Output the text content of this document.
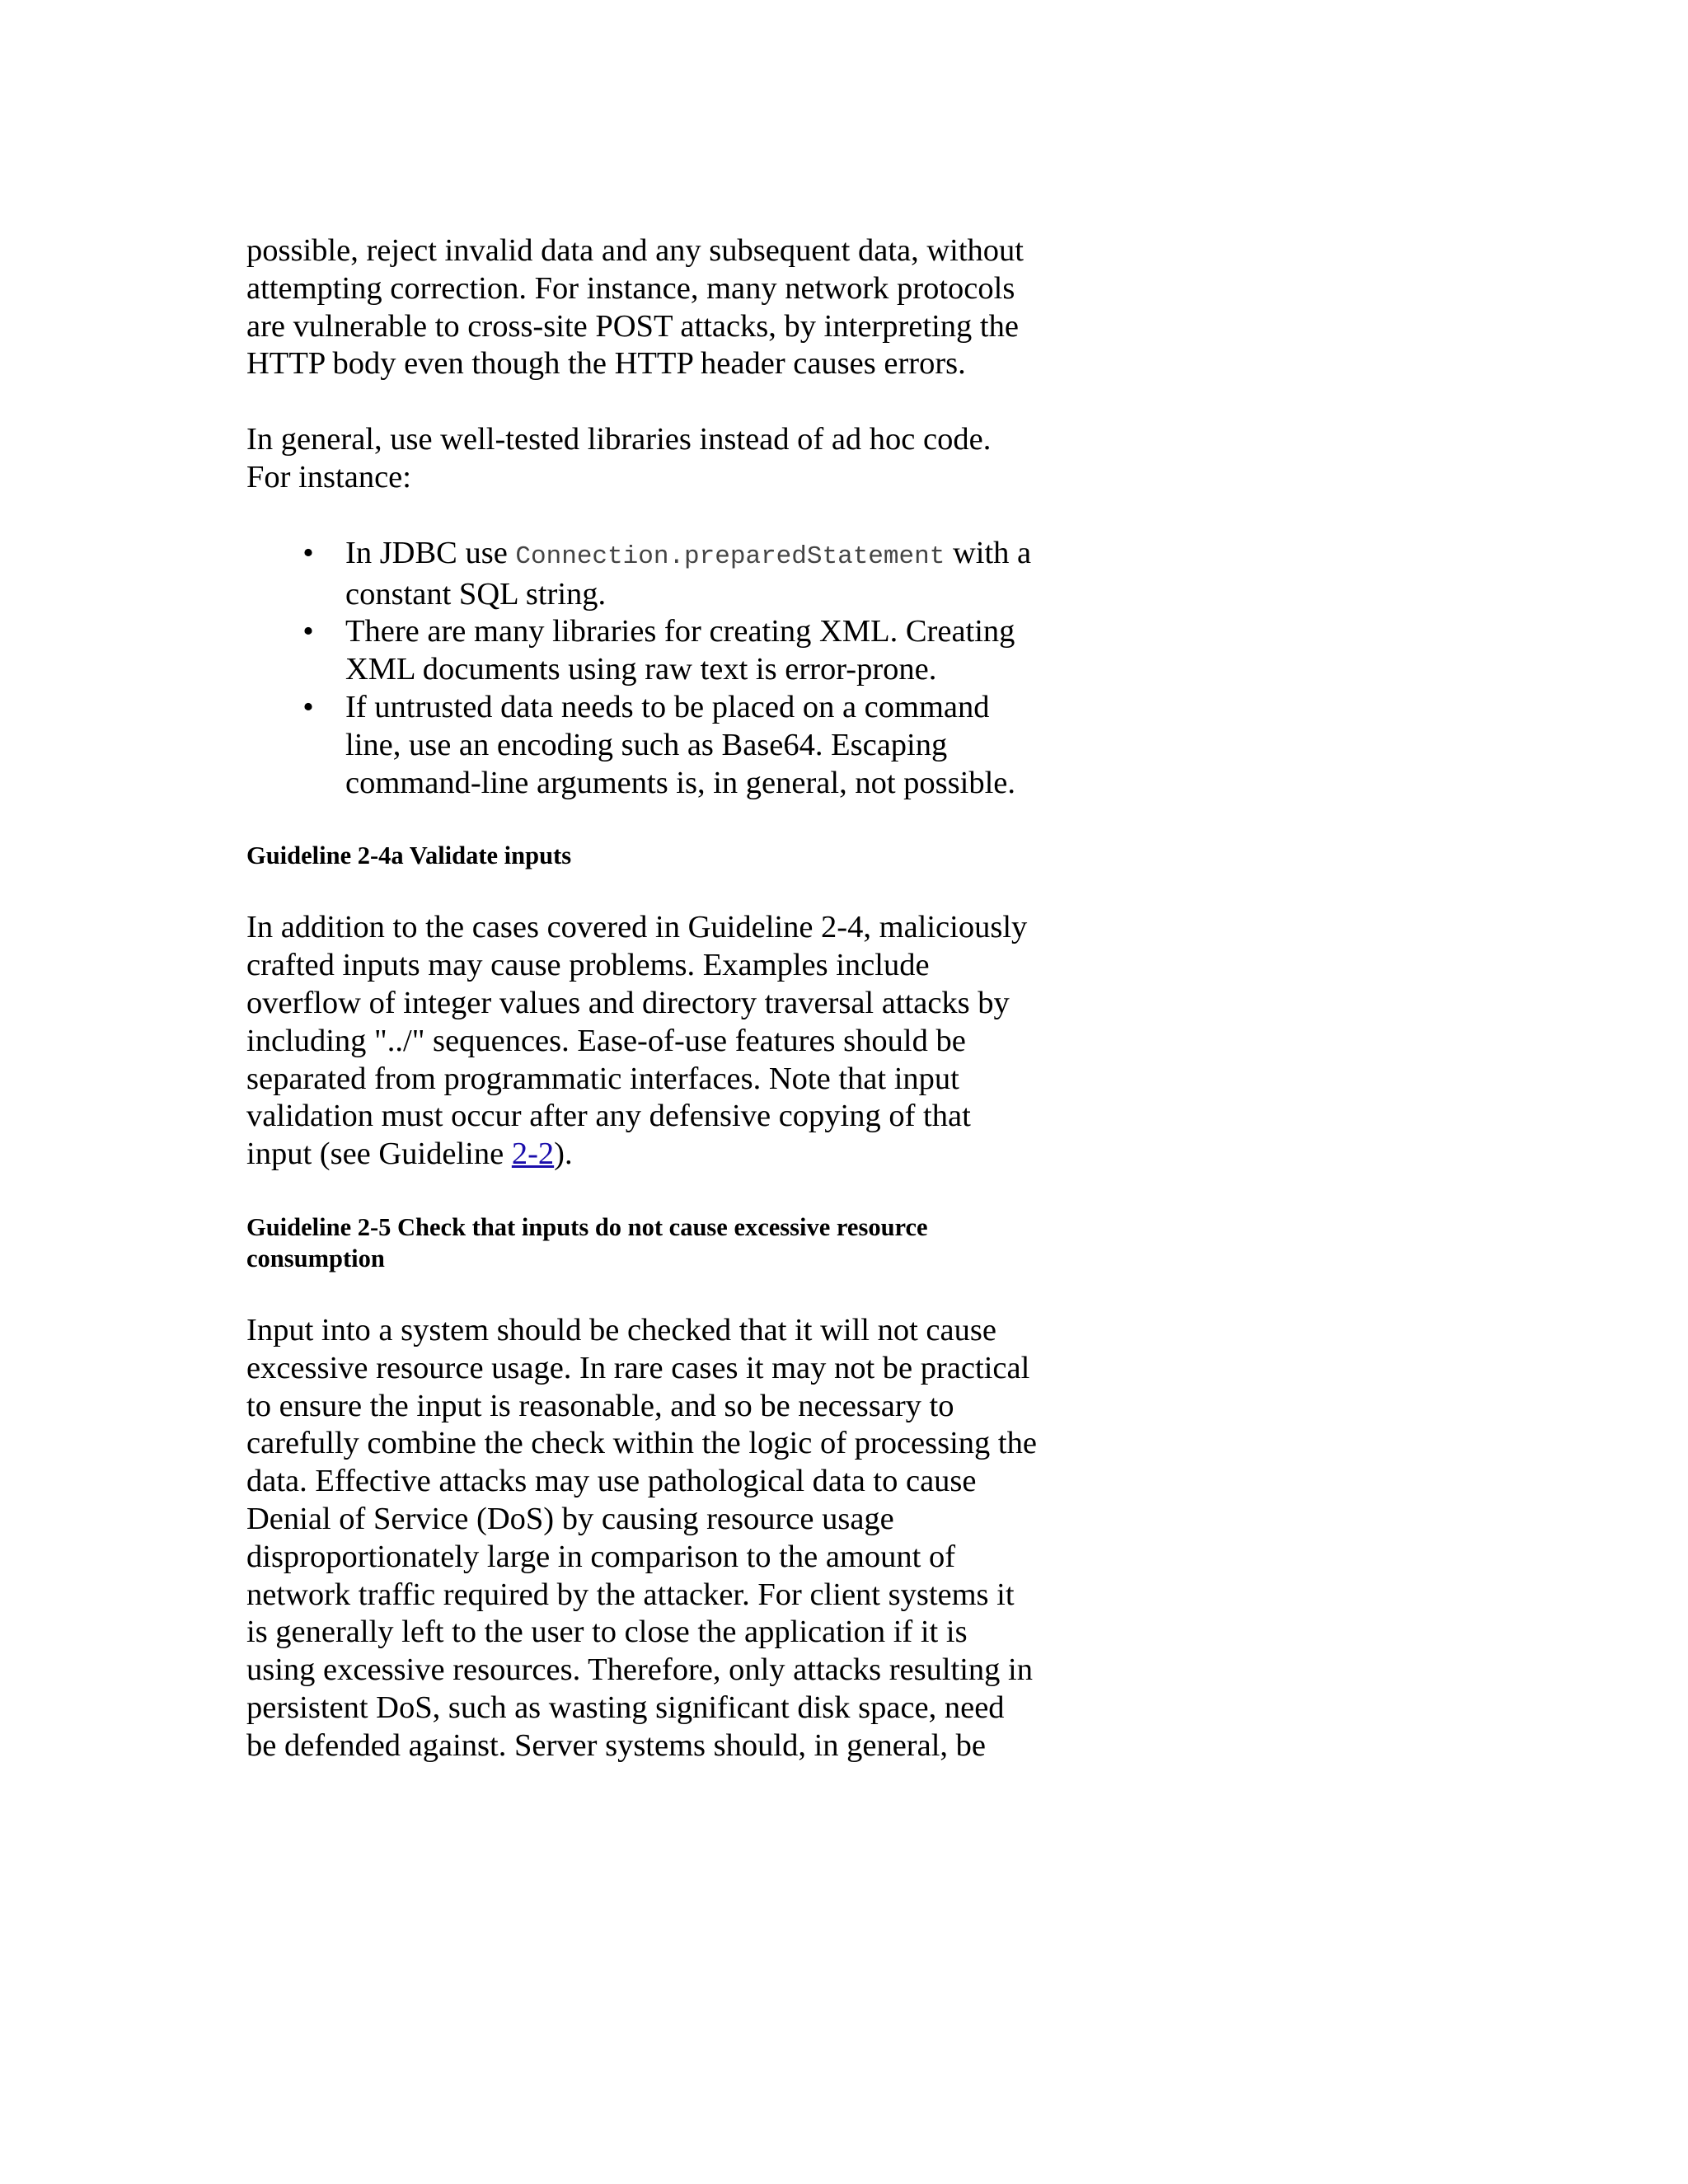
possible, reject invalid data and any subsequent data, without attempting correction. For instance, many network protocols are vulnerable to cross-site POST attacks, by interpreting the HTTP body even though the HTTP header causes errors.

In general, use well-tested libraries instead of ad hoc code. For instance:

• In JDBC use Connection.preparedStatement with a constant SQL string.
• There are many libraries for creating XML. Creating XML documents using raw text is error-prone.
• If untrusted data needs to be placed on a command line, use an encoding such as Base64. Escaping command-line arguments is, in general, not possible.
Guideline 2-4a Validate inputs

In addition to the cases covered in Guideline 2-4, maliciously crafted inputs may cause problems. Examples include overflow of integer values and directory traversal attacks by including "../" sequences. Ease-of-use features should be separated from programmatic interfaces. Note that input validation must occur after any defensive copying of that input (see Guideline 2-2).

Guideline 2-5 Check that inputs do not cause excessive resource consumption

Input into a system should be checked that it will not cause excessive resource usage. In rare cases it may not be practical to ensure the input is reasonable, and so be necessary to carefully combine the check within the logic of processing the data. Effective attacks may use pathological data to cause Denial of Service (DoS) by causing resource usage disproportionately large in comparison to the amount of network traffic required by the attacker. For client systems it is generally left to the user to close the application if it is using excessive resources. Therefore, only attacks resulting in persistent DoS, such as wasting significant disk space, need be defended against. Server systems should, in general, be
